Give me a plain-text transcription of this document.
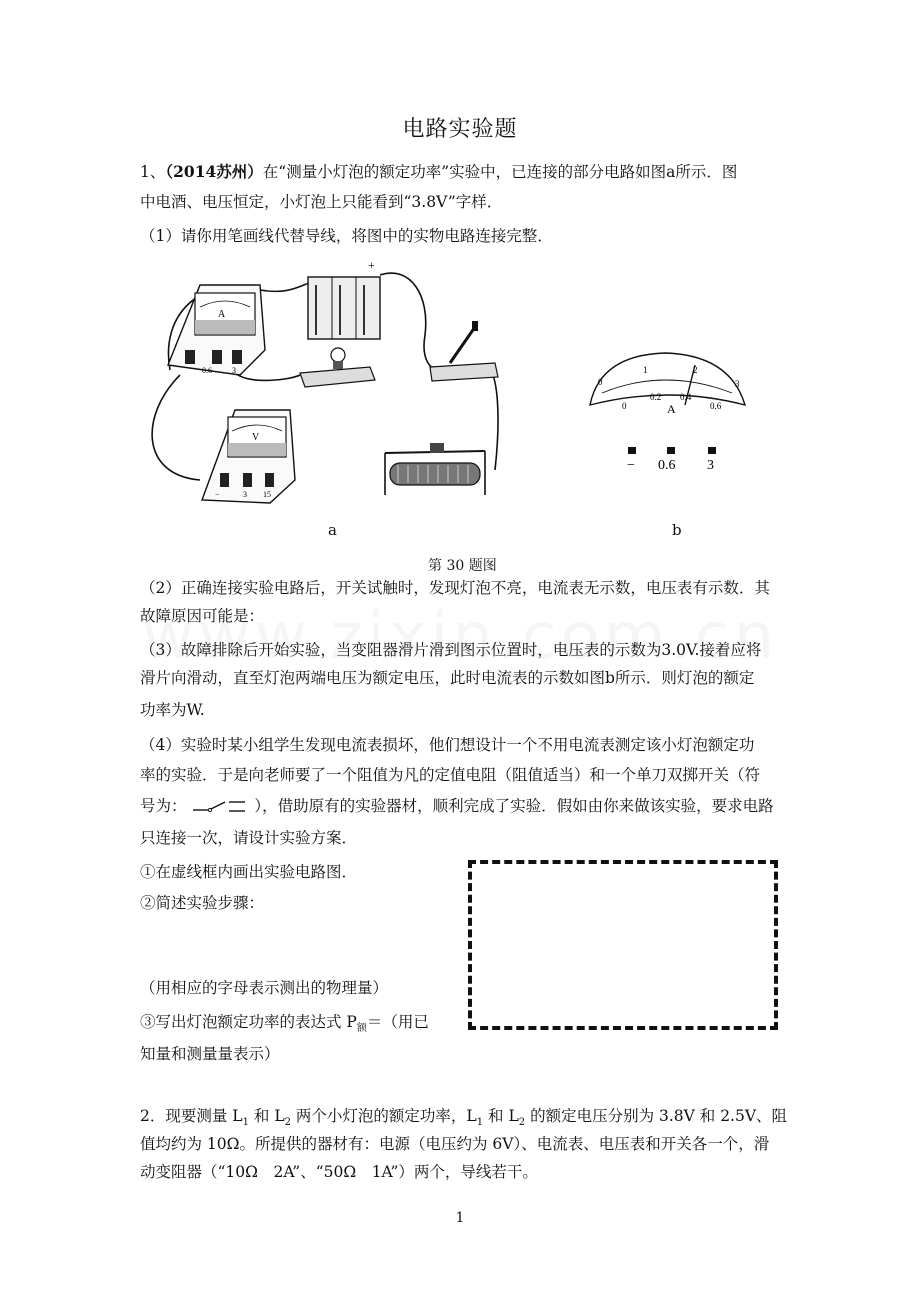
电路实验题
1、（2014苏州）在“测量小灯泡的额定功率”实验中，已连接的部分电路如图a所示．图
中电酒、电压恒定，小灯泡上只能看到“3.8V”字样．
（1）请你用笔画线代替导线，将图中的实物电路连接完整．
A
0.6	3
+
V
−	3 15
0
1	2
3
0
0.2 0.4
0.6
A
− 0.6 3
a	b
第 30 题图
（2）正确连接实验电路后，开关试触时，发现灯泡不亮，电流表无示数，电压表有示数．其
故障原因可能是：
（3）故障排除后开始实验，当变阻器滑片滑到图示位置时，电压表的示数为3.0V.接着应将
滑片向滑动，直至灯泡两端电压为额定电压，此时电流表的示数如图b所示．则灯泡的额定
功率为W.
（4）实验时某小组学生发现电流表损坏，他们想设计一个不用电流表测定该小灯泡额定功
率的实验．于是向老师要了一个阻值为凡的定值电阻（阻值适当）和一个单刀双掷开关（符
号为：	），借助原有的实验器材，顺利完成了实验．假如由你来做该实验，要求电路
只连接一次，请设计实验方案．
①在虚线框内画出实验电路图．
②简述实验步骤：
（用相应的字母表示测出的物理量）
③写出灯泡额定功率的表达式 $P_额=$（用已
知量和测量量表示）
2．现要测量 $L_1$ 和 $L_2$ 两个小灯泡的额定功率，$L_1$ 和 $L_2$ 的额定电压分别为 3.8V 和 2.5V、阻
值均约为 10Ω。所提供的器材有：电源（电压约为 6V）、电流表、电压表和开关各一个，滑
动变阻器（“10Ω　2A”、“50Ω　1A”）两个，导线若干。
1
